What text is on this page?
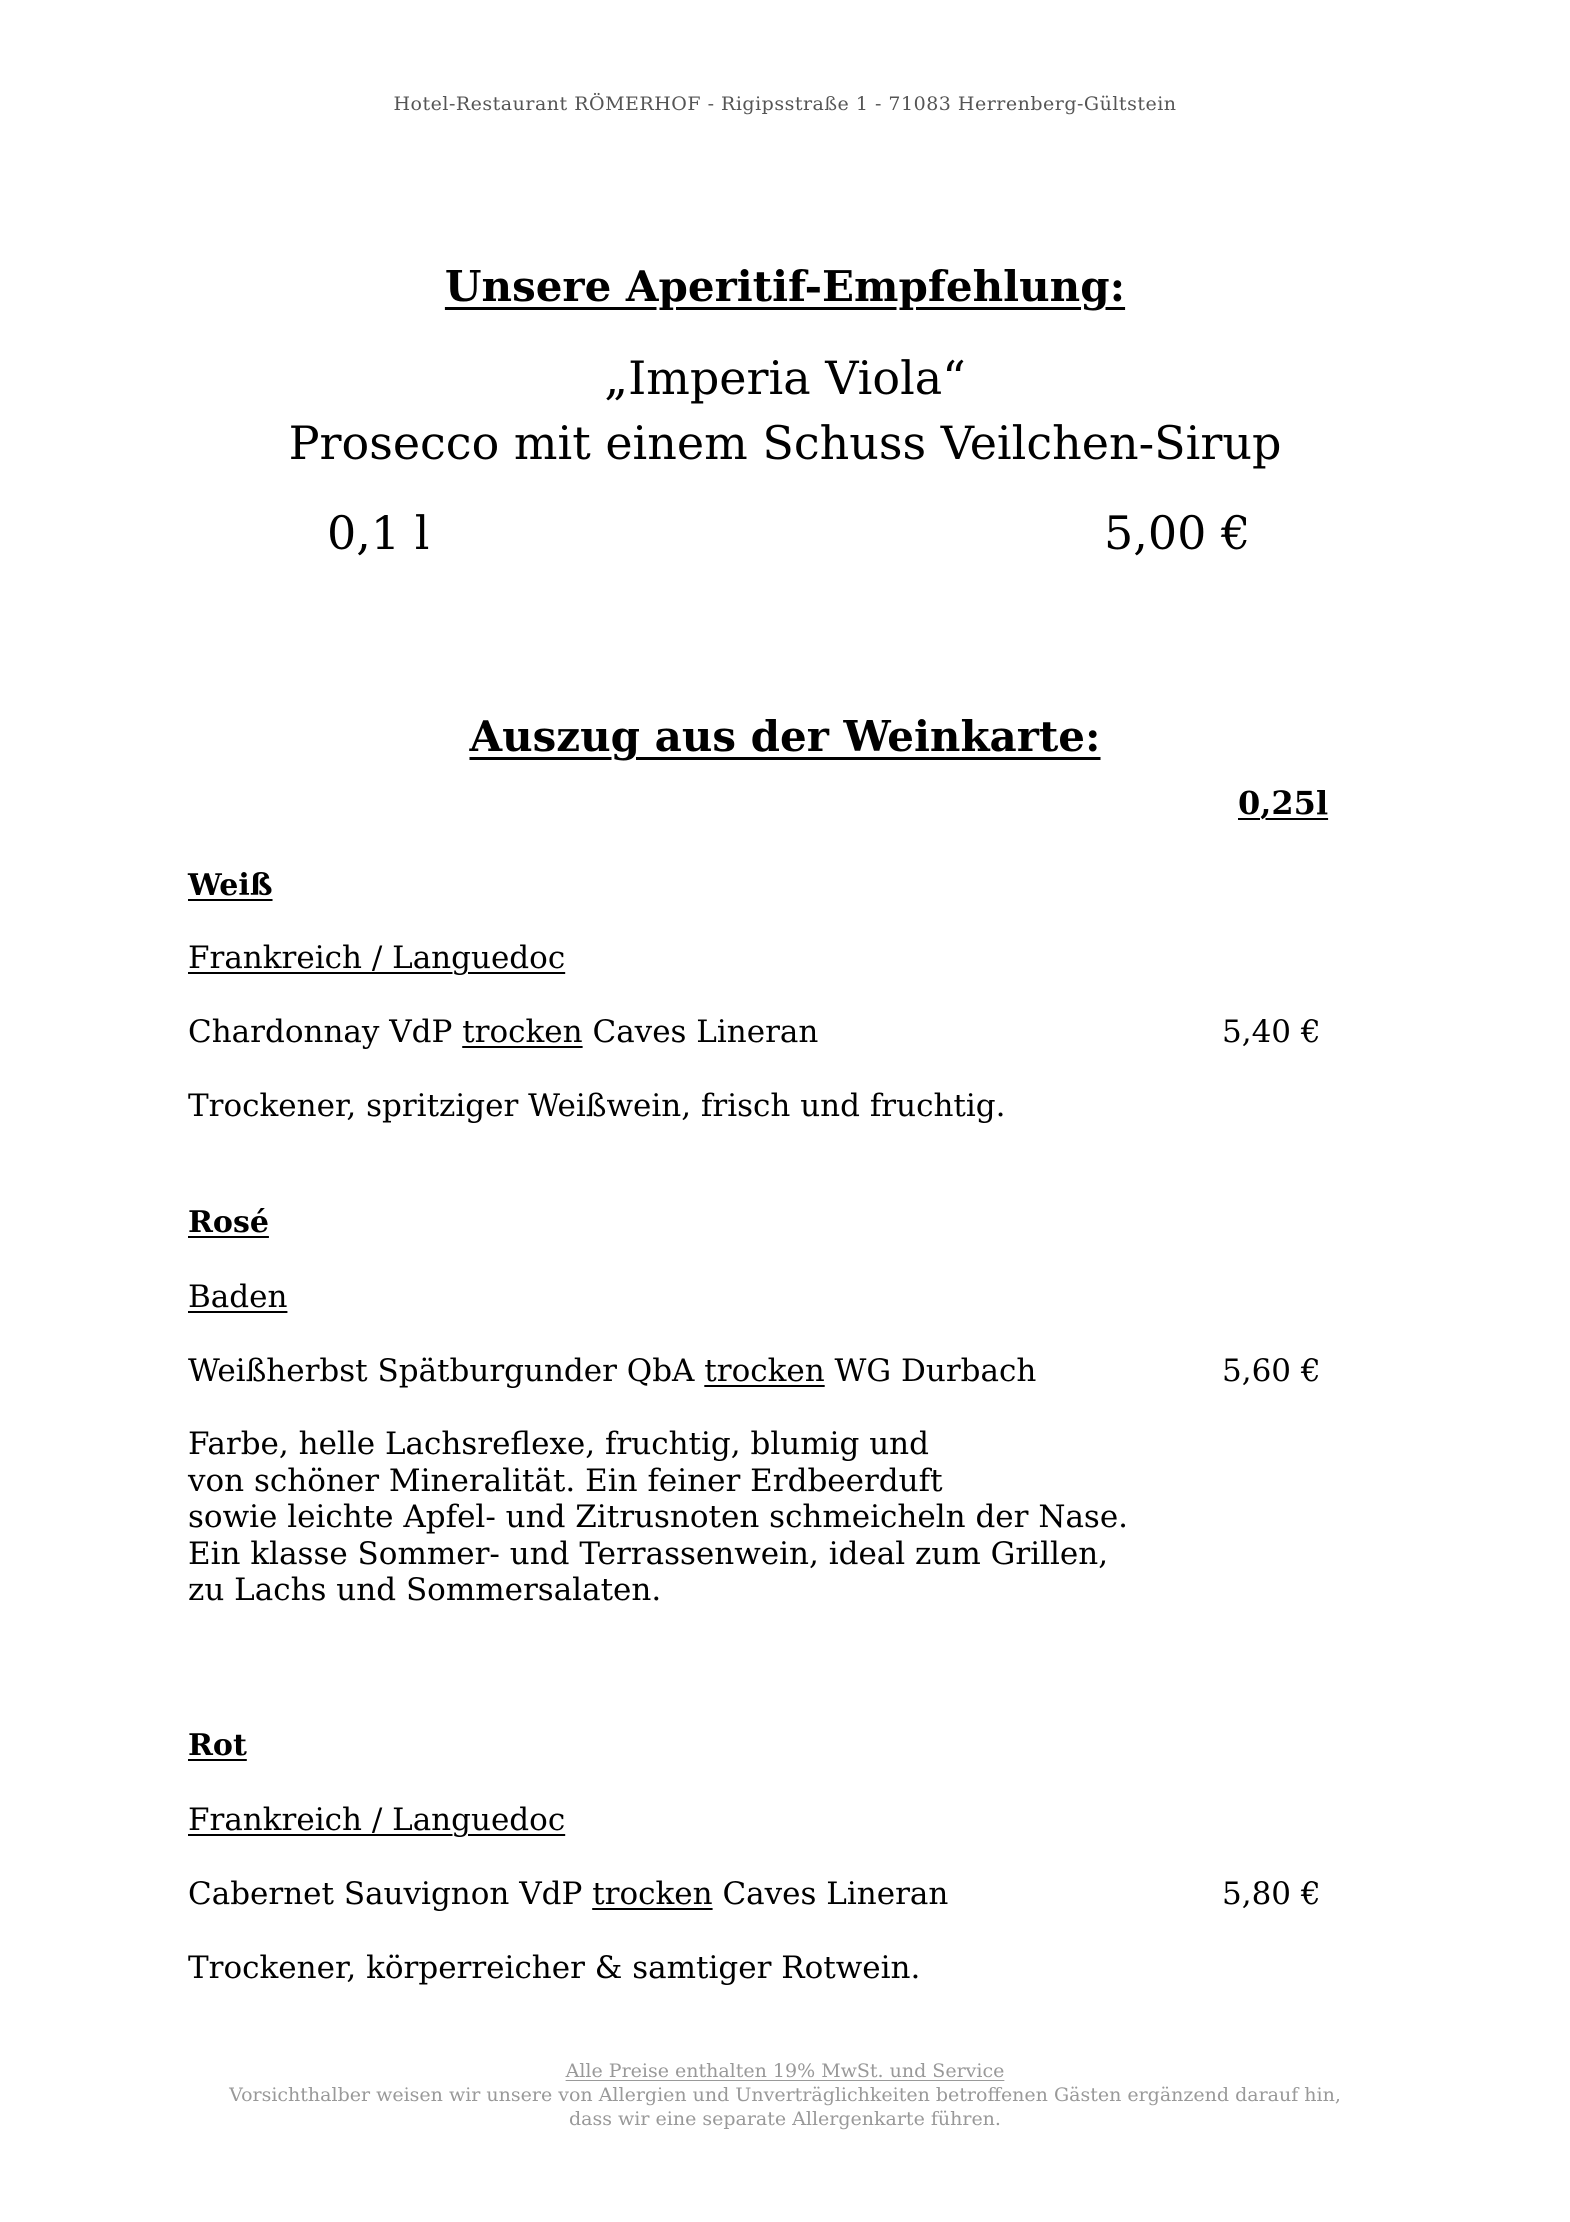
Hotel-Restaurant RÖMERHOF - Rigipsstraße 1 - 71083 Herrenberg-Gültstein
Unsere Aperitif-Empfehlung:
„Imperia Viola“
Prosecco mit einem Schuss Veilchen-Sirup
0,1 l	5,00 €
Auszug aus der Weinkarte:
0,25l
Weiß
Frankreich / Languedoc
Chardonnay VdP trocken Caves Lineran	5,40 €
Trockener, spritziger Weißwein, frisch und fruchtig.
Rosé
Baden
Weißherbst Spätburgunder QbA trocken WG Durbach	5,60 €
Farbe, helle Lachsreflexe, fruchtig, blumig und
von schöner Mineralität. Ein feiner Erdbeerduft
sowie leichte Apfel- und Zitrusnoten schmeicheln der Nase.
Ein klasse Sommer- und Terrassenwein, ideal zum Grillen,
zu Lachs und Sommersalaten.
Rot
Frankreich / Languedoc
Cabernet Sauvignon VdP trocken Caves Lineran	5,80 €
Trockener, körperreicher & samtiger Rotwein.
Alle Preise enthalten 19% MwSt. und Service
Vorsichthalber weisen wir unsere von Allergien und Unverträglichkeiten betroffenen Gästen ergänzend darauf hin,
dass wir eine separate Allergenkarte führen.
